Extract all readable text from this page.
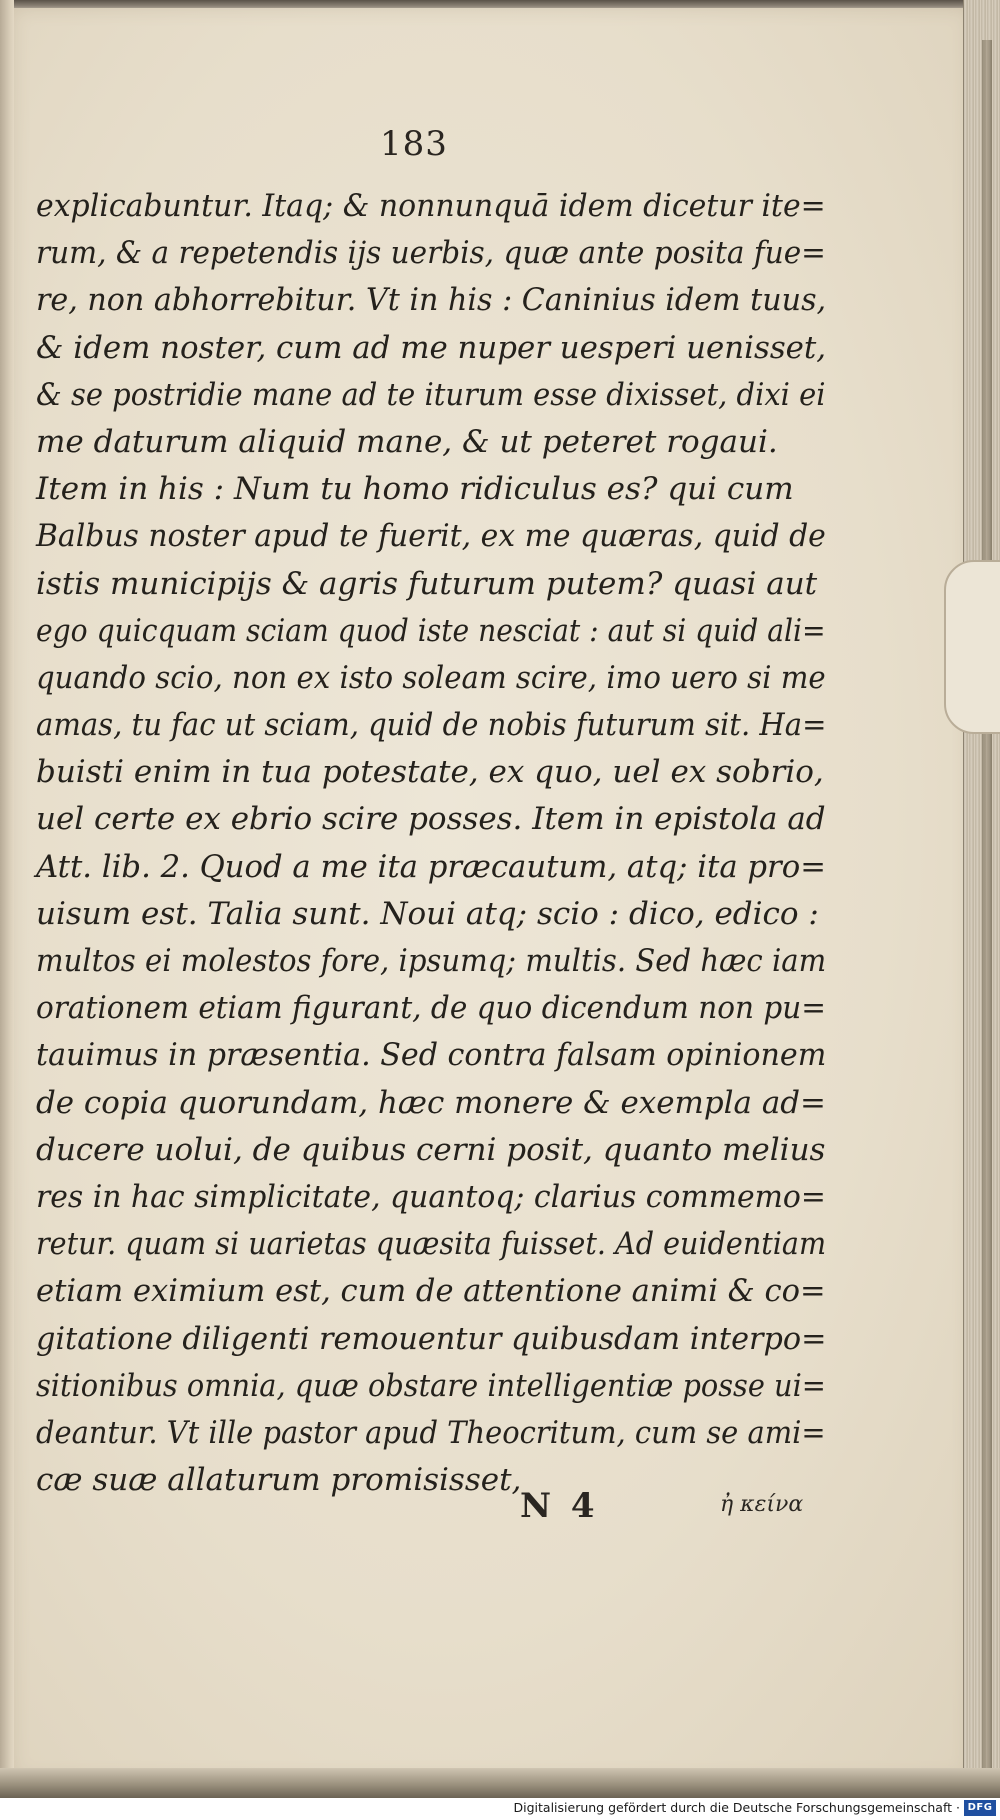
183
explicabuntur. Itaq; & nonnunquā idem dicetur ite=
rum, & a repetendis ijs uerbis, quæ ante posita fue=
re, non abhorrebitur. Vt in his : Caninius idem tuus,
& idem noster, cum ad me nuper uesperi uenisset,
& se postridie mane ad te iturum esse dixisset, dixi ei
me daturum aliquid mane, & ut peteret rogaui.
Item in his : Num tu homo ridiculus es? qui cum
Balbus noster apud te fuerit, ex me quæras, quid de
istis municipijs & agris futurum putem? quasi aut
ego quicquam sciam quod iste nesciat : aut si quid ali=
quando scio, non ex isto soleam scire, imo uero si me
amas, tu fac ut sciam, quid de nobis futurum sit. Ha=
buisti enim in tua potestate, ex quo, uel ex sobrio,
uel certe ex ebrio scire posses. Item in epistola ad
Att. lib. 2. Quod a me ita præcautum, atq; ita pro=
uisum est. Talia sunt. Noui atq; scio : dico, edico :
multos ei molestos fore, ipsumq; multis. Sed hæc iam
orationem etiam figurant, de quo dicendum non pu=
tauimus in præsentia. Sed contra falsam opinionem
de copia quorundam, hæc monere & exempla ad=
ducere uolui, de quibus cerni posit, quanto melius
res in hac simplicitate, quantoq; clarius commemo=
retur. quam si uarietas quæsita fuisset. Ad euidentiam
etiam eximium est, cum de attentione animi & co=
gitatione diligenti remouentur quibusdam interpo=
sitionibus omnia, quæ obstare intelligentiæ posse ui=
deantur. Vt ille pastor apud Theocritum, cum se ami=
cæ suæ allaturum promisisset,
N 4	ἠ κείνα
Digitalisierung gefördert durch die Deutsche Forschungsgemeinschaft · DFG
